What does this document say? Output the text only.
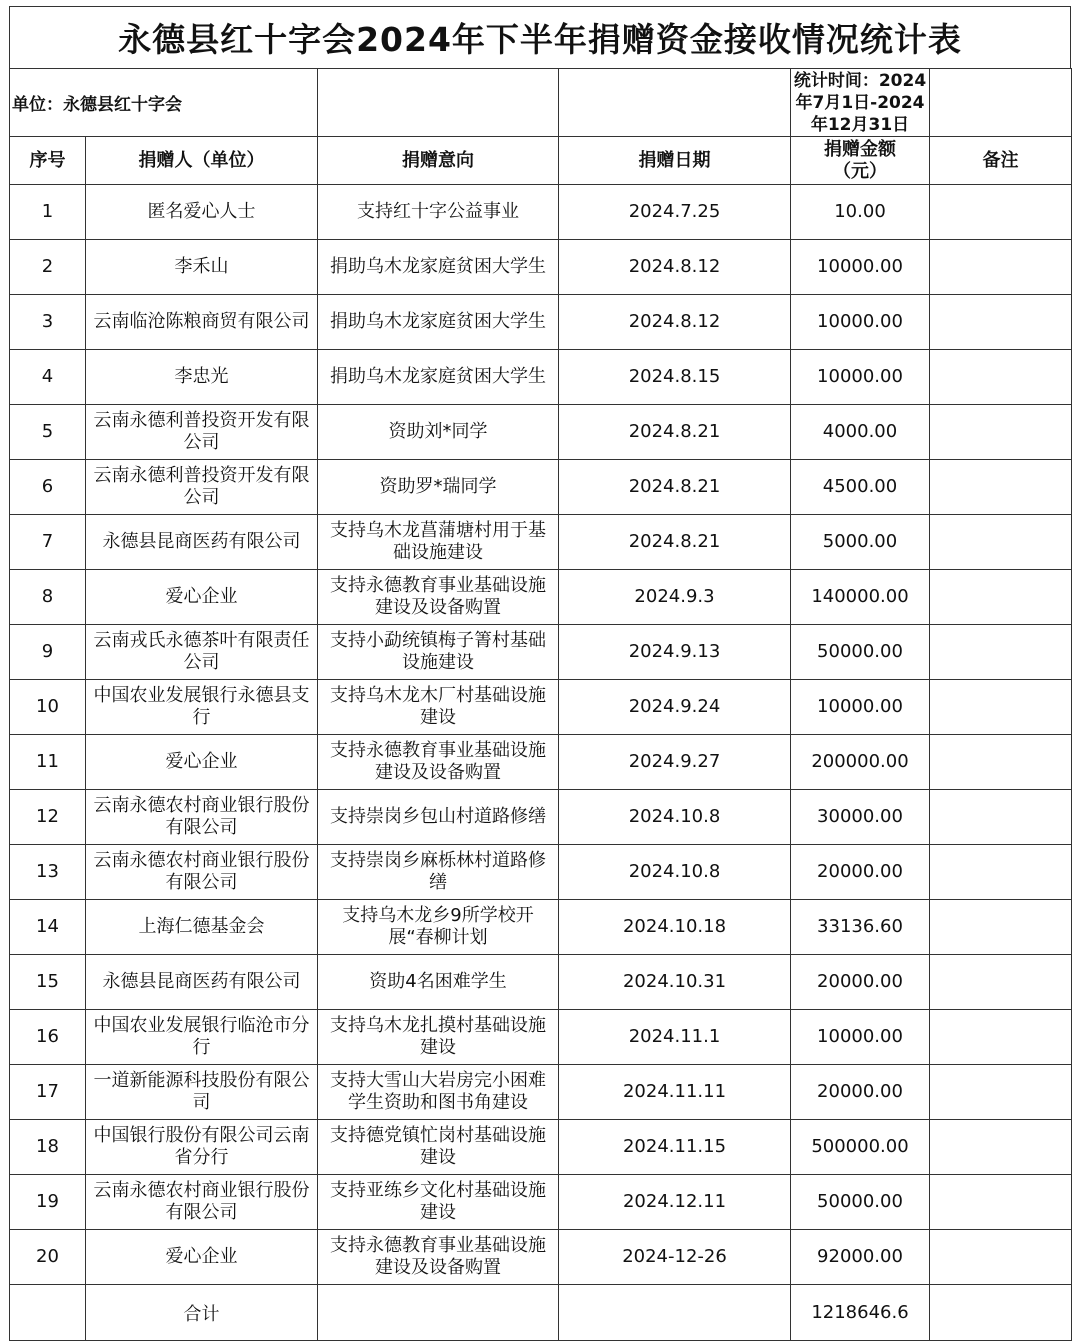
永德县红十字会2024年下半年捐赠资金接收情况统计表
单位：永德县红十字会				统计时间：2024年7月1日-2024年12月31日	
序号	捐赠人（单位）	捐赠意向	捐赠日期	捐赠金额（元）	备注
1	匿名爱心人士	支持红十字公益事业	2024.7.25	10.00	
2	李禾山	捐助乌木龙家庭贫困大学生	2024.8.12	10000.00	
3	云南临沧陈粮商贸有限公司	捐助乌木龙家庭贫困大学生	2024.8.12	10000.00	
4	李忠光	捐助乌木龙家庭贫困大学生	2024.8.15	10000.00	
5	云南永德利普投资开发有限公司	资助刘*同学	2024.8.21	4000.00	
6	云南永德利普投资开发有限公司	资助罗*瑞同学	2024.8.21	4500.00	
7	永德县昆商医药有限公司	支持乌木龙菖蒲塘村用于基础设施建设	2024.8.21	5000.00	
8	爱心企业	支持永德教育事业基础设施建设及设备购置	2024.9.3	140000.00	
9	云南戎氏永德茶叶有限责任公司	支持小勐统镇梅子箐村基础设施建设	2024.9.13	50000.00	
10	中国农业发展银行永德县支行	支持乌木龙木厂村基础设施建设	2024.9.24	10000.00	
11	爱心企业	支持永德教育事业基础设施建设及设备购置	2024.9.27	200000.00	
12	云南永德农村商业银行股份有限公司	支持崇岗乡包山村道路修缮	2024.10.8	30000.00	
13	云南永德农村商业银行股份有限公司	支持崇岗乡麻栎林村道路修缮	2024.10.8	20000.00	
14	上海仁德基金会	支持乌木龙乡9所学校开展“春柳计划	2024.10.18	33136.60	
15	永德县昆商医药有限公司	资助4名困难学生	2024.10.31	20000.00	
16	中国农业发展银行临沧市分行	支持乌木龙扎摸村基础设施建设	2024.11.1	10000.00	
17	一道新能源科技股份有限公司	支持大雪山大岩房完小困难学生资助和图书角建设	2024.11.11	20000.00	
18	中国银行股份有限公司云南省分行	支持德党镇忙岗村基础设施建设	2024.11.15	500000.00	
19	云南永德农村商业银行股份有限公司	支持亚练乡文化村基础设施建设	2024.12.11	50000.00	
20	爱心企业	支持永德教育事业基础设施建设及设备购置	2024-12-26	92000.00	
	合计			1218646.6	
